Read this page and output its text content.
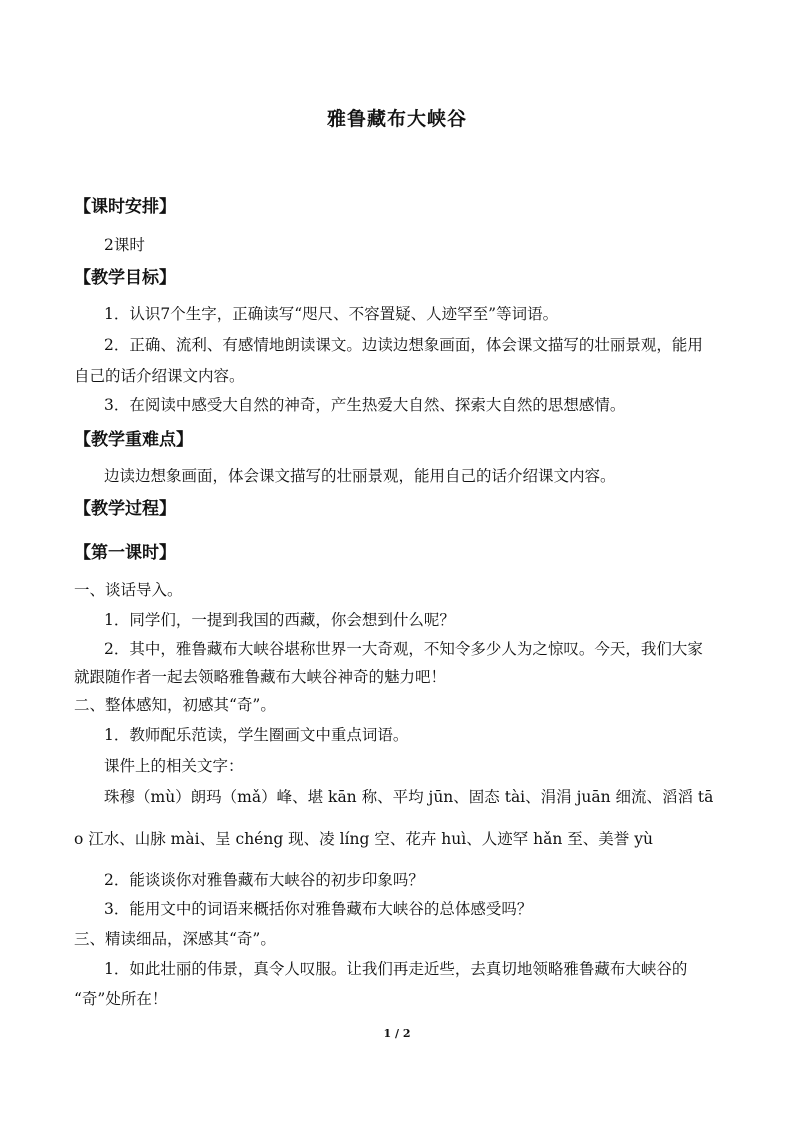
雅鲁藏布大峡谷
【课时安排】
2课时
【教学目标】
1．认识7个生字，正确读写“咫尺、不容置疑、人迹罕至”等词语。
2．正确、流利、有感情地朗读课文。边读边想象画面，体会课文描写的壮丽景观，能用
自己的话介绍课文内容。
3．在阅读中感受大自然的神奇，产生热爱大自然、探索大自然的思想感情。
【教学重难点】
边读边想象画面，体会课文描写的壮丽景观，能用自己的话介绍课文内容。
【教学过程】
【第一课时】
一、谈话导入。
1．同学们，一提到我国的西藏，你会想到什么呢？
2．其中，雅鲁藏布大峡谷堪称世界一大奇观，不知令多少人为之惊叹。今天，我们大家
就跟随作者一起去领略雅鲁藏布大峡谷神奇的魅力吧！
二、整体感知，初感其“奇”。
1．教师配乐范读，学生圈画文中重点词语。
课件上的相关文字：
珠穆（mù）朗玛（mǎ）峰、堪 kān 称、平均 jūn、固态 tài、涓涓 juān 细流、滔滔 tā
o 江水、山脉 mài、呈 chéng 现、凌 líng 空、花卉 huì、人迹罕 hǎn 至、美誉 yù
2．能谈谈你对雅鲁藏布大峡谷的初步印象吗？
3．能用文中的词语来概括你对雅鲁藏布大峡谷的总体感受吗？
三、精读细品，深感其“奇”。
1．如此壮丽的伟景，真令人叹服。让我们再走近些，去真切地领略雅鲁藏布大峡谷的
“奇”处所在！
1 / 2
